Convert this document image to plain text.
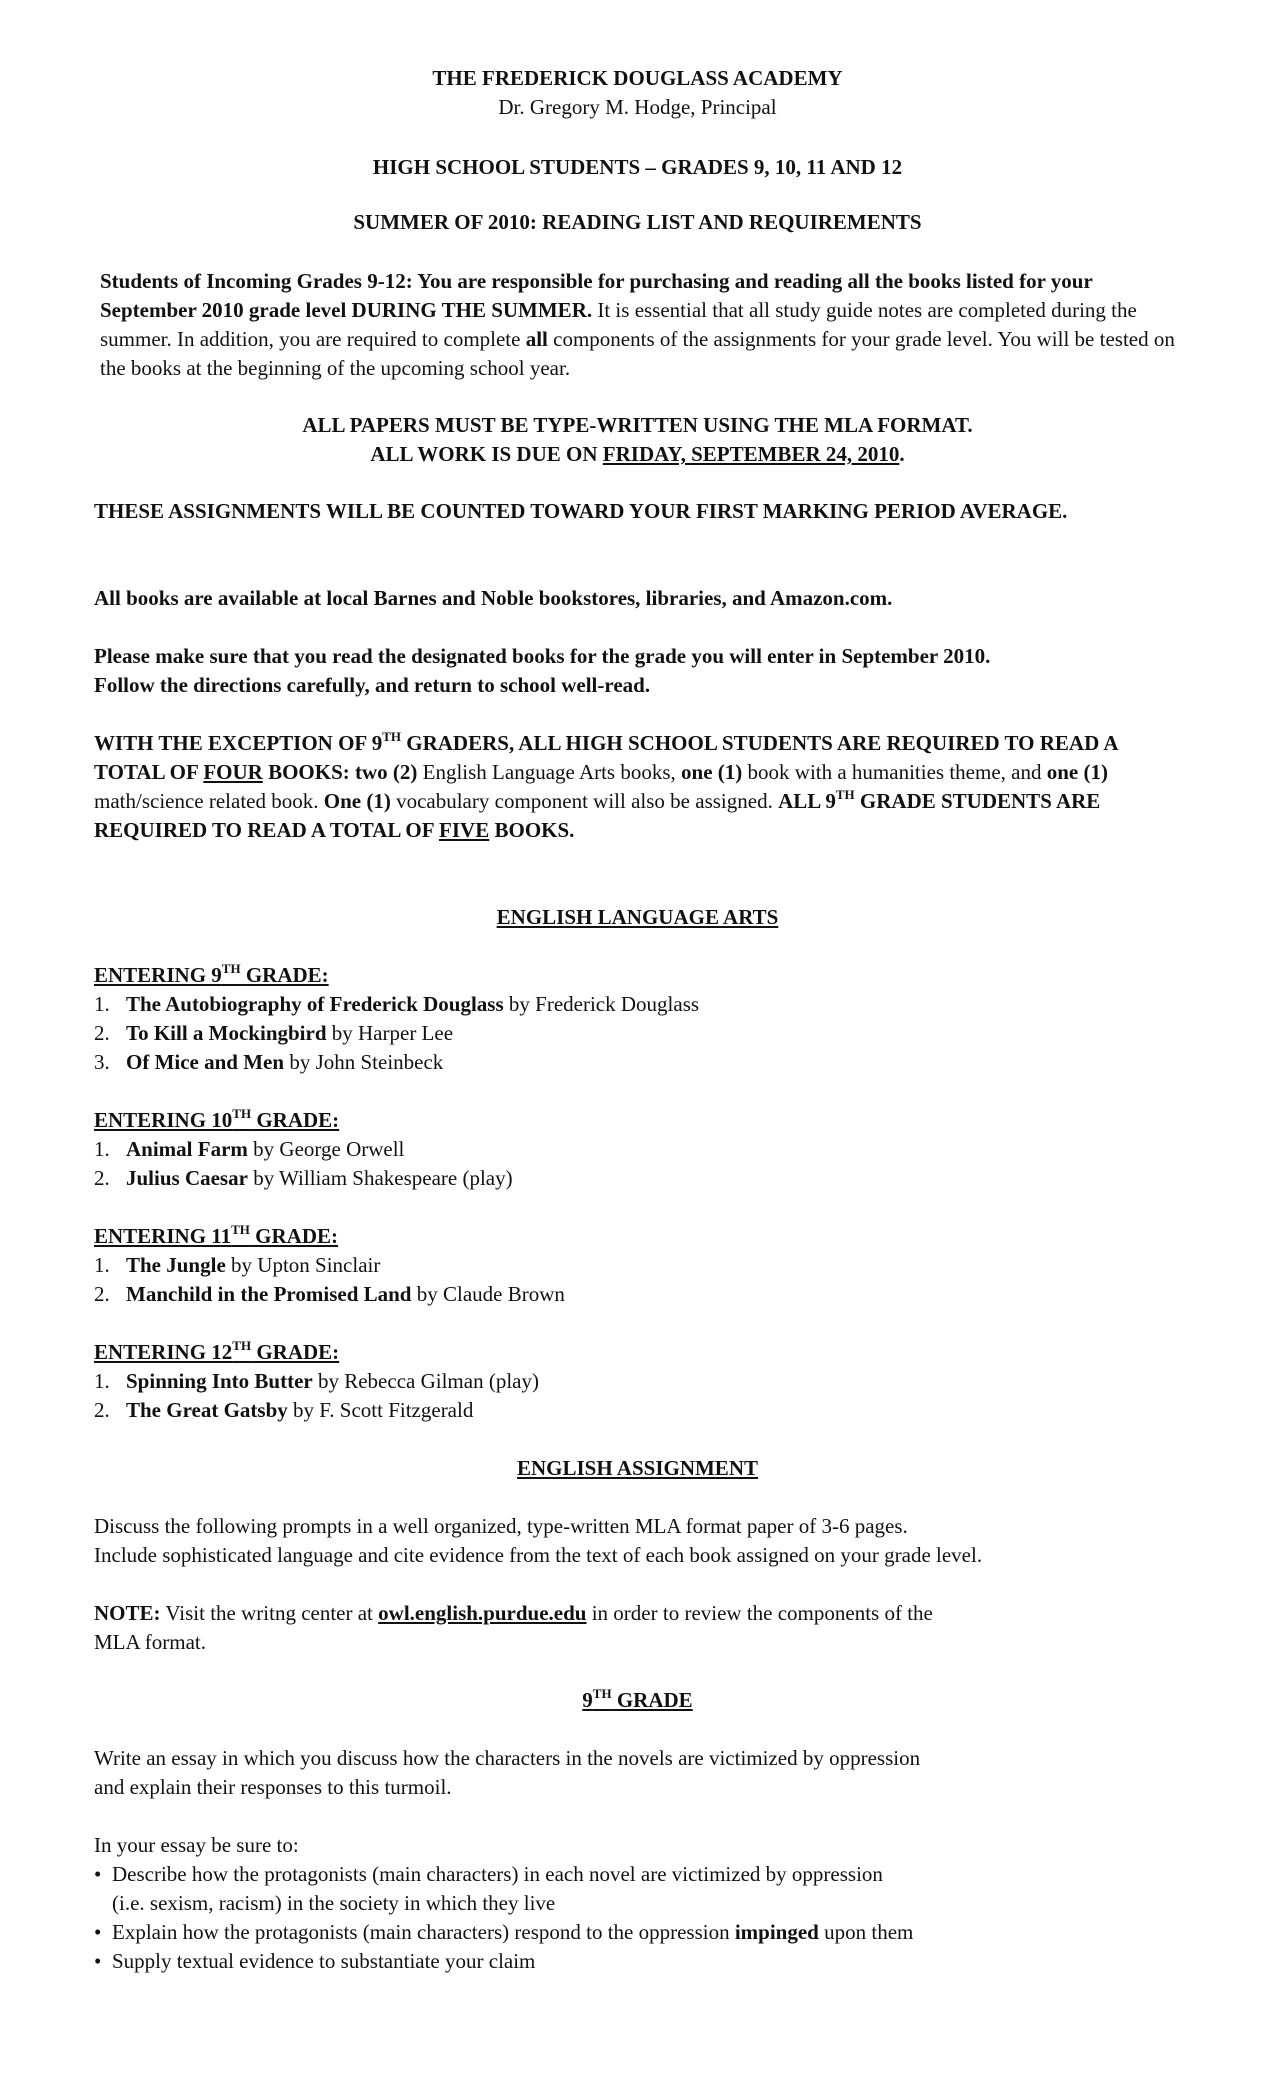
THE FREDERICK DOUGLASS ACADEMY
Dr. Gregory M. Hodge, Principal
HIGH SCHOOL STUDENTS – GRADES 9, 10, 11 AND 12
SUMMER OF 2010: READING LIST AND REQUIREMENTS
Students of Incoming Grades 9-12: You are responsible for purchasing and reading all the books listed for your September 2010 grade level DURING THE SUMMER. It is essential that all study guide notes are completed during the summer. In addition, you are required to complete all components of the assignments for your grade level. You will be tested on the books at the beginning of the upcoming school year.
ALL PAPERS MUST BE TYPE-WRITTEN USING THE MLA FORMAT.
ALL WORK IS DUE ON FRIDAY, SEPTEMBER 24, 2010.
THESE ASSIGNMENTS WILL BE COUNTED TOWARD YOUR FIRST MARKING PERIOD AVERAGE.
All books are available at local Barnes and Noble bookstores, libraries, and Amazon.com.
Please make sure that you read the designated books for the grade you will enter in September 2010.
Follow the directions carefully, and return to school well-read.
WITH THE EXCEPTION OF 9TH GRADERS, ALL HIGH SCHOOL STUDENTS ARE REQUIRED TO READ A TOTAL OF FOUR BOOKS: two (2) English Language Arts books, one (1) book with a humanities theme, and one (1) math/science related book. One (1) vocabulary component will also be assigned. ALL 9TH GRADE STUDENTS ARE REQUIRED TO READ A TOTAL OF FIVE BOOKS.
ENGLISH LANGUAGE ARTS
ENTERING 9TH GRADE:
1. The Autobiography of Frederick Douglass by Frederick Douglass
2. To Kill a Mockingbird by Harper Lee
3. Of Mice and Men by John Steinbeck
ENTERING 10TH GRADE:
1. Animal Farm by George Orwell
2. Julius Caesar by William Shakespeare (play)
ENTERING 11TH GRADE:
1. The Jungle by Upton Sinclair
2. Manchild in the Promised Land by Claude Brown
ENTERING 12TH GRADE:
1. Spinning Into Butter by Rebecca Gilman (play)
2. The Great Gatsby by F. Scott Fitzgerald
ENGLISH ASSIGNMENT
Discuss the following prompts in a well organized, type-written MLA format paper of 3-6 pages.
Include sophisticated language and cite evidence from the text of each book assigned on your grade level.
NOTE: Visit the writng center at owl.english.purdue.edu in order to review the components of the
MLA format.
9TH GRADE
Write an essay in which you discuss how the characters in the novels are victimized by oppression
and explain their responses to this turmoil.
In your essay be sure to:
• Describe how the protagonists (main characters) in each novel are victimized by oppression
(i.e. sexism, racism) in the society in which they live
• Explain how the protagonists (main characters) respond to the oppression impinged upon them
• Supply textual evidence to substantiate your claim
